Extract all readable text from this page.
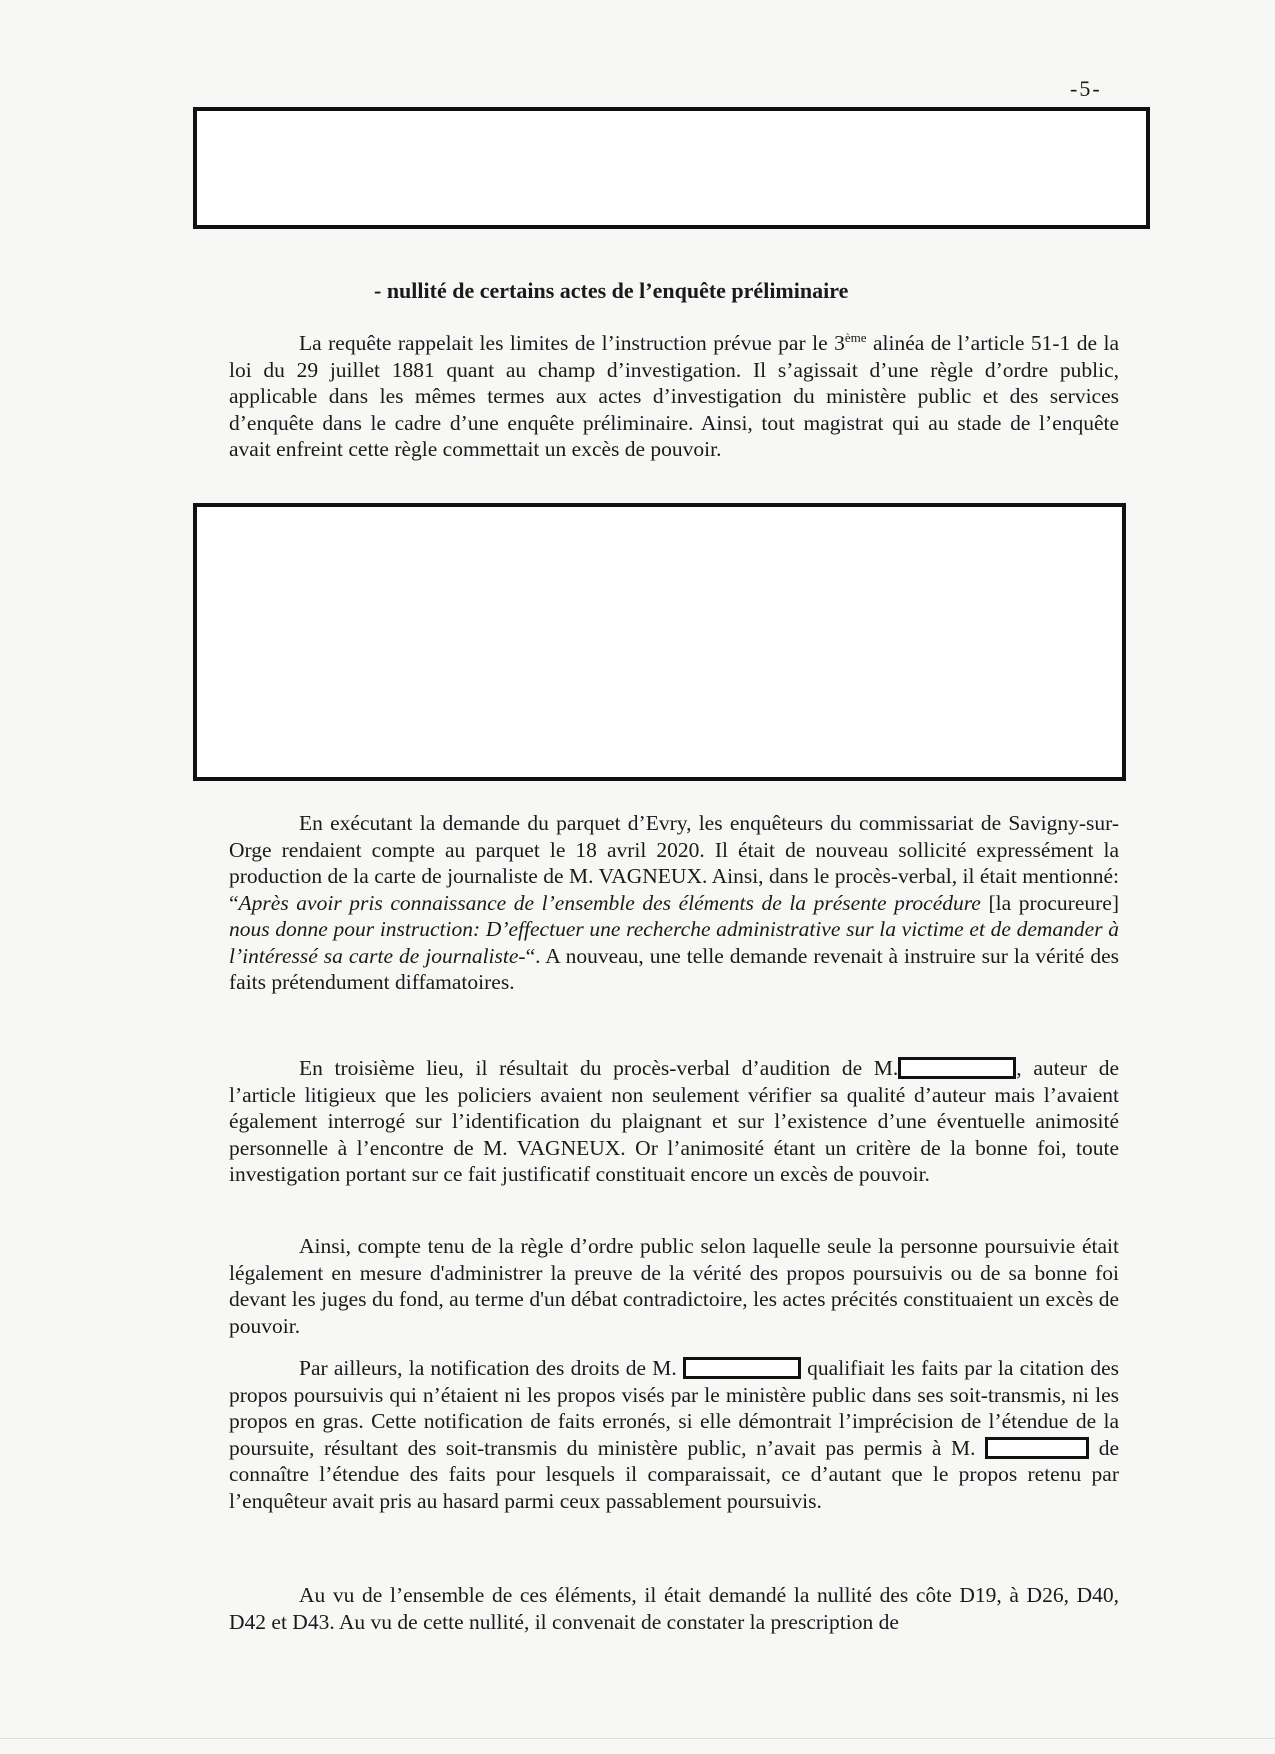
-5-
- nullité de certains actes de l’enquête préliminaire
La requête rappelait les limites de l’instruction prévue par le 3ème alinéa de l’article 51-1 de la loi du 29 juillet 1881 quant au champ d’investigation. Il s’agissait d’une règle d’ordre public, applicable dans les mêmes termes aux actes d’investigation du ministère public et des services d’enquête dans le cadre d’une enquête préliminaire. Ainsi, tout magistrat qui au stade de l’enquête avait enfreint cette règle commettait un excès de pouvoir.
En exécutant la demande du parquet d’Evry, les enquêteurs du commissariat de Savigny-sur-Orge rendaient compte au parquet le 18 avril 2020. Il était de nouveau sollicité expressément la production de la carte de journaliste de M. VAGNEUX. Ainsi, dans le procès-verbal, il était mentionné: “Après avoir pris connaissance de l’ensemble des éléments de la présente procédure [la procureure] nous donne pour instruction: D’effectuer une recherche administrative sur la victime et de demander à l’intéressé sa carte de journaliste-“. A nouveau, une telle demande revenait à instruire sur la vérité des faits prétendument diffamatoires.
En troisième lieu, il résultait du procès-verbal d’audition de M.	, auteur de l’article litigieux que les policiers avaient non seulement vérifier sa qualité d’auteur mais l’avaient également interrogé sur l’identification du plaignant et sur l’existence d’une éventuelle animosité personnelle à l’encontre de M. VAGNEUX. Or l’animosité étant un critère de la bonne foi, toute investigation portant sur ce fait justificatif constituait encore un excès de pouvoir.
Ainsi, compte tenu de la règle d’ordre public selon laquelle seule la personne poursuivie était légalement en mesure d'administrer la preuve de la vérité des propos poursuivis ou de sa bonne foi devant les juges du fond, au terme d'un débat contradictoire, les actes précités constituaient un excès de pouvoir.
Par ailleurs, la notification des droits de M.	qualifiait les faits par la citation des propos poursuivis qui n’étaient ni les propos visés par le ministère public dans ses soit-transmis, ni les propos en gras. Cette notification de faits erronés, si elle démontrait l’imprécision de l’étendue de la poursuite, résultant des soit-transmis du ministère public, n’avait pas permis à M.	de connaître l’étendue des faits pour lesquels il comparaissait, ce d’autant que le propos retenu par l’enquêteur avait pris au hasard parmi ceux passablement poursuivis.
Au vu de l’ensemble de ces éléments, il était demandé la nullité des côte D19, à D26, D40, D42 et D43. Au vu de cette nullité, il convenait de constater la prescription de
